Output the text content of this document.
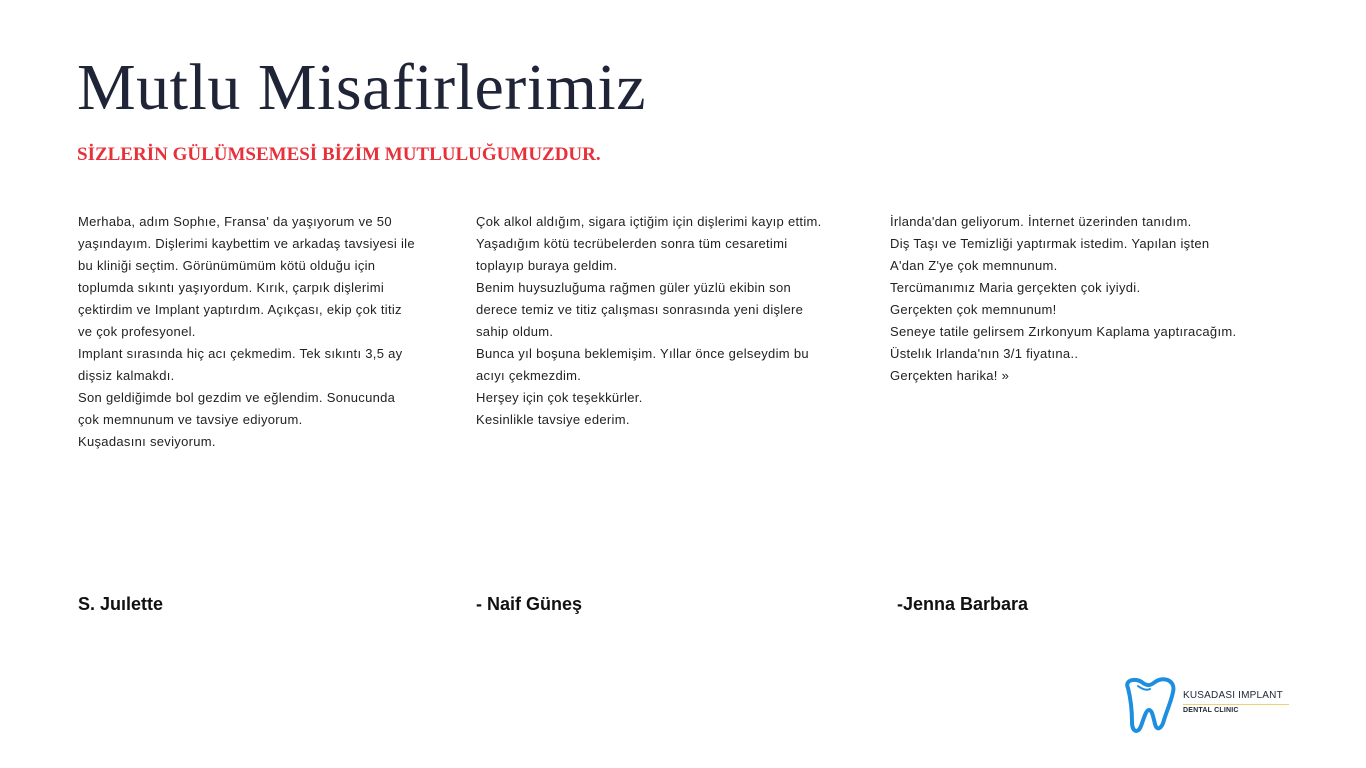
Mutlu Misafirlerimiz
SİZLERİN GÜLÜMSEMESİ BİZİM MUTLULUĞUMUZDUR.
Merhaba, adım Sophıe, Fransa' da yaşıyorum ve 50
yaşındayım. Dişlerimi kaybettim ve arkadaş tavsiyesi ile
bu kliniği seçtim. Görünümümüm kötü olduğu için
toplumda sıkıntı yaşıyordum. Kırık, çarpık dişlerimi
çektirdim ve Implant yaptırdım. Açıkçası, ekip çok titiz
ve çok profesyonel.
Implant sırasında hiç acı çekmedim. Tek sıkıntı 3,5 ay
dişsiz kalmakdı.
Son geldiğimde bol gezdim ve eğlendim. Sonucunda
çok memnunum ve tavsiye ediyorum.
Kuşadasını seviyorum.
Çok alkol aldığım, sigara içtiğim için dişlerimi kayıp ettim.
Yaşadığım kötü tecrübelerden sonra tüm cesaretimi
toplayıp buraya geldim.
Benim huysuzluğuma rağmen güler yüzlü ekibin son
derece temiz ve titiz çalışması sonrasında yeni dişlere
sahip oldum.
Bunca yıl boşuna beklemişim. Yıllar önce gelseydim bu
acıyı çekmezdim.
Herşey için çok teşekkürler.
Kesinlikle tavsiye ederim.
İrlanda'dan geliyorum. İnternet üzerinden tanıdım.
Diş Taşı ve Temizliği yaptırmak istedim. Yapılan işten
A'dan Z'ye çok memnunum.
Tercümanımız Maria gerçekten çok iyiydi.
Gerçekten çok memnunum!
Seneye tatile gelirsem Zırkonyum Kaplama yaptıracağım.
Üstelık Irlanda'nın 3/1 fiyatına..
Gerçekten harika! »
S. Juılette	- Naif Güneş	-Jenna Barbara
KUSADASI IMPLANT
DENTAL CLINIC
